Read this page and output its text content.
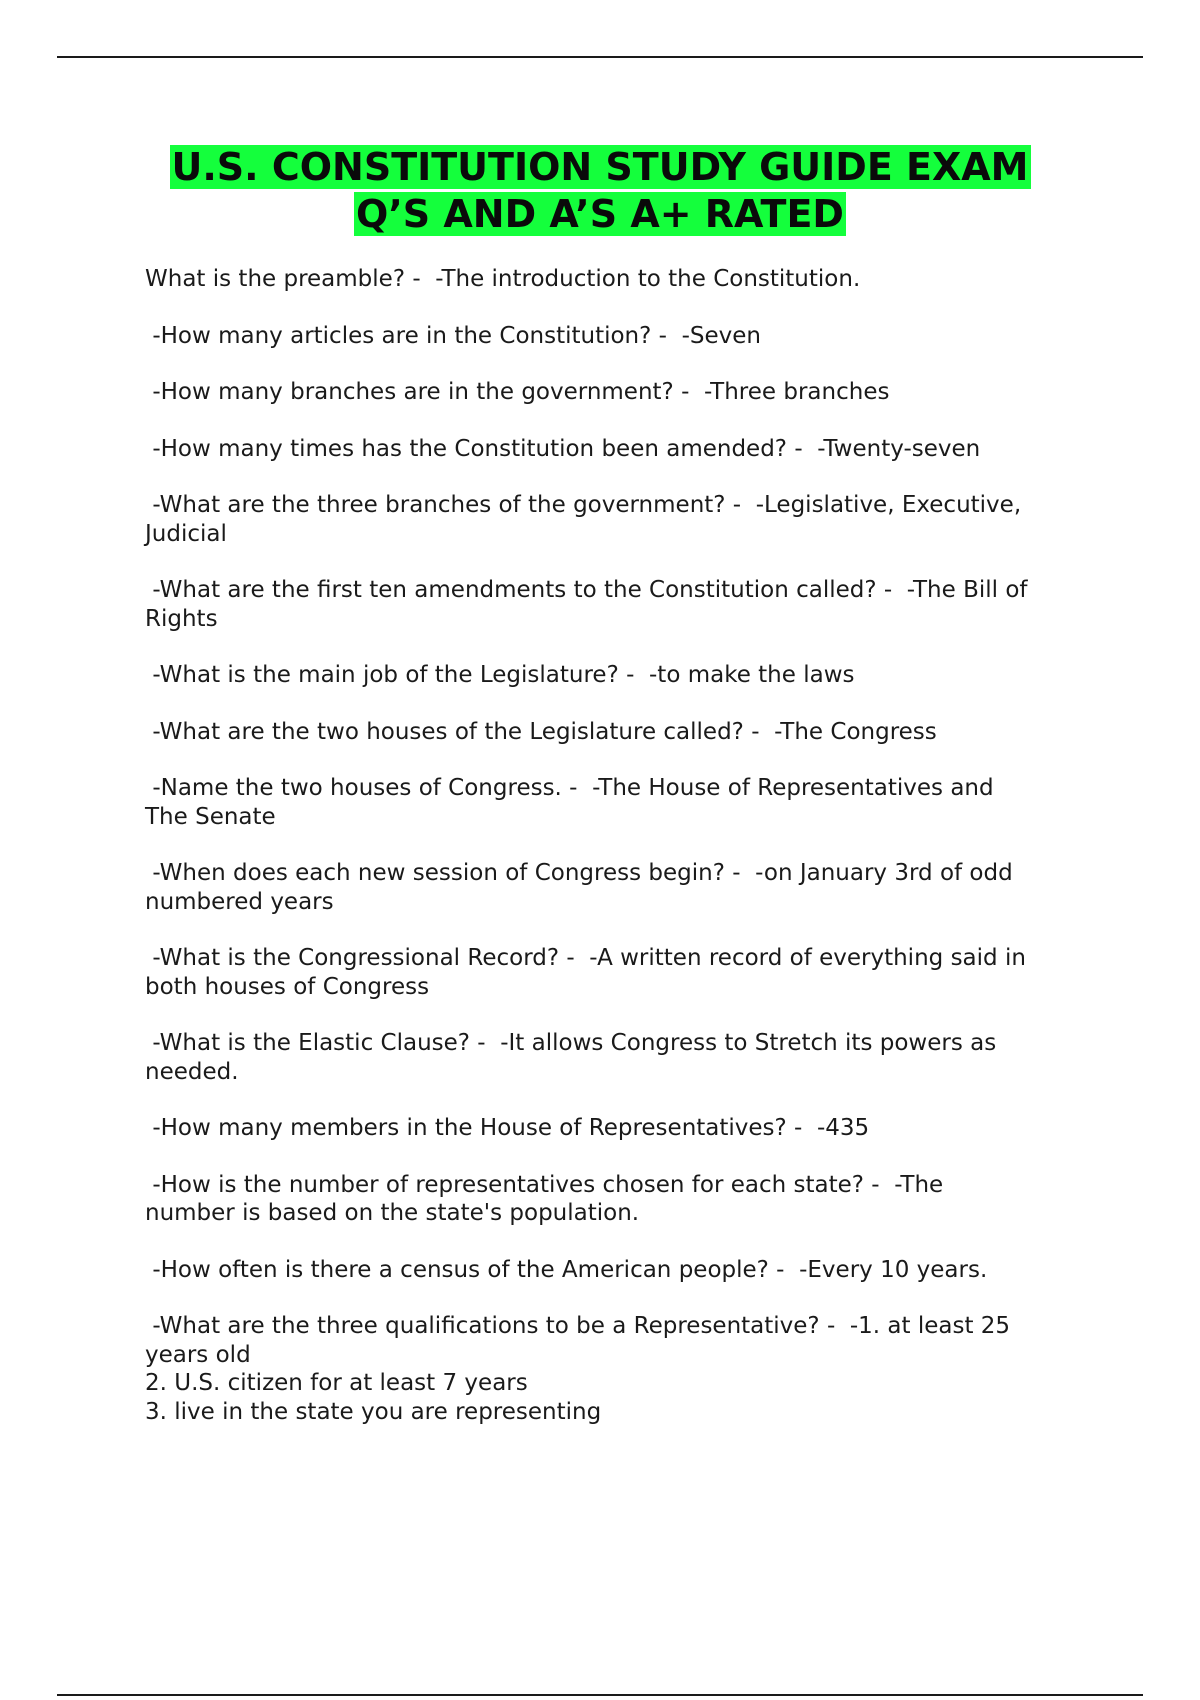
U.S. CONSTITUTION STUDY GUIDE EXAM
Q’S AND A’S A+ RATED
What is the preamble? -  -The introduction to the Constitution.
-How many articles are in the Constitution? -  -Seven
-How many branches are in the government? -  -Three branches
-How many times has the Constitution been amended? -  -Twenty-seven
-What are the three branches of the government? -  -Legislative, Executive,
Judicial
-What are the first ten amendments to the Constitution called? -  -The Bill of
Rights
-What is the main job of the Legislature? -  -to make the laws
-What are the two houses of the Legislature called? -  -The Congress
-Name the two houses of Congress. -  -The House of Representatives and
The Senate
-When does each new session of Congress begin? -  -on January 3rd of odd
numbered years
-What is the Congressional Record? -  -A written record of everything said in
both houses of Congress
-What is the Elastic Clause? -  -It allows Congress to Stretch its powers as
needed.
-How many members in the House of Representatives? -  -435
-How is the number of representatives chosen for each state? -  -The
number is based on the state's population.
-How often is there a census of the American people? -  -Every 10 years.
-What are the three qualifications to be a Representative? -  -1. at least 25
years old
2. U.S. citizen for at least 7 years
3. live in the state you are representing
